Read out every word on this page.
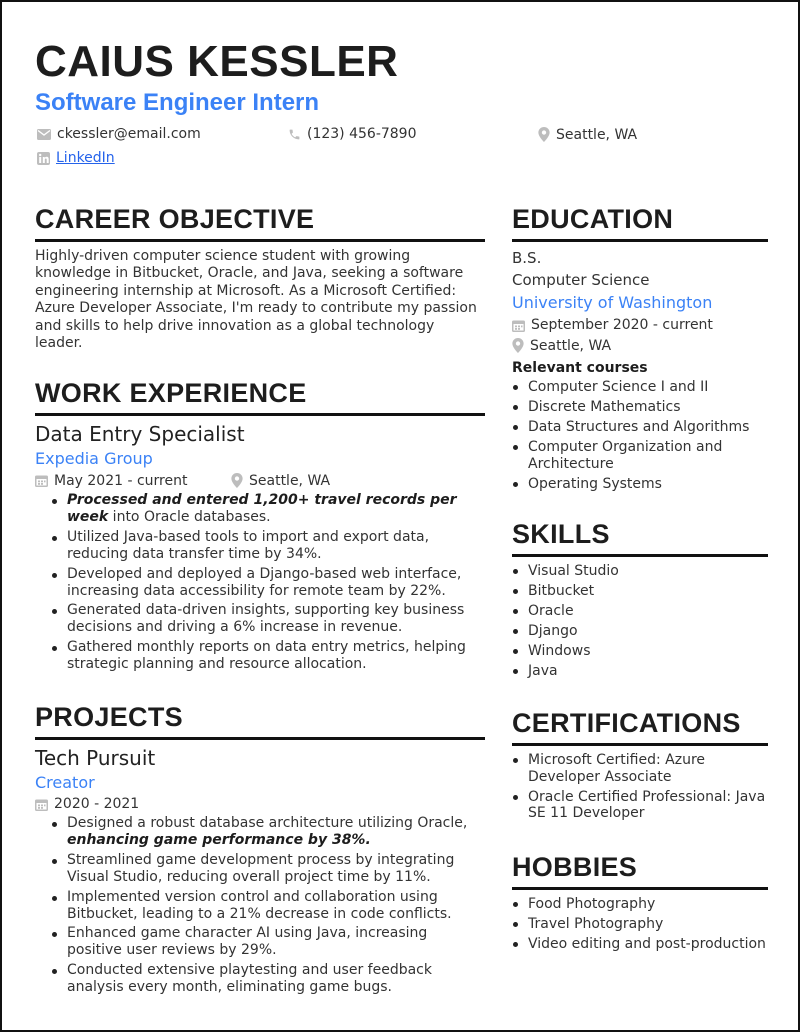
CAIUS KESSLER
Software Engineer Intern
ckessler@email.com	(123) 456-7890	Seattle, WA
LinkedIn
CAREER OBJECTIVE

Highly-driven computer science student with growing knowledge in Bitbucket, Oracle, and Java, seeking a software engineering internship at Microsoft. As a Microsoft Certified: Azure Developer Associate, I'm ready to contribute my passion and skills to help drive innovation as a global technology leader.

WORK EXPERIENCE
Data Entry Specialist
Expedia Group
May 2021 - current	Seattle, WA
Processed and entered 1,200+ travel records per week into Oracle databases.
Utilized Java-based tools to import and export data, reducing data transfer time by 34%.
Developed and deployed a Django-based web interface, increasing data accessibility for remote team by 22%.
Generated data-driven insights, supporting key business decisions and driving a 6% increase in revenue.
Gathered monthly reports on data entry metrics, helping strategic planning and resource allocation.
PROJECTS
Tech Pursuit
Creator
2020 - 2021
Designed a robust database architecture utilizing Oracle, enhancing game performance by 38%.
Streamlined game development process by integrating Visual Studio, reducing overall project time by 11%.
Implemented version control and collaboration using Bitbucket, leading to a 21% decrease in code conflicts.
Enhanced game character AI using Java, increasing positive user reviews by 29%.
Conducted extensive playtesting and user feedback analysis every month, eliminating game bugs.
EDUCATION
B.S.
Computer Science
University of Washington
September 2020 - current
Seattle, WA
Relevant courses
Computer Science I and II
Discrete Mathematics
Data Structures and Algorithms
Computer Organization and Architecture
Operating Systems
SKILLS
Visual Studio
Bitbucket
Oracle
Django
Windows
Java
CERTIFICATIONS
Microsoft Certified: Azure Developer Associate
Oracle Certified Professional: Java SE 11 Developer
HOBBIES
Food Photography
Travel Photography
Video editing and post-production
